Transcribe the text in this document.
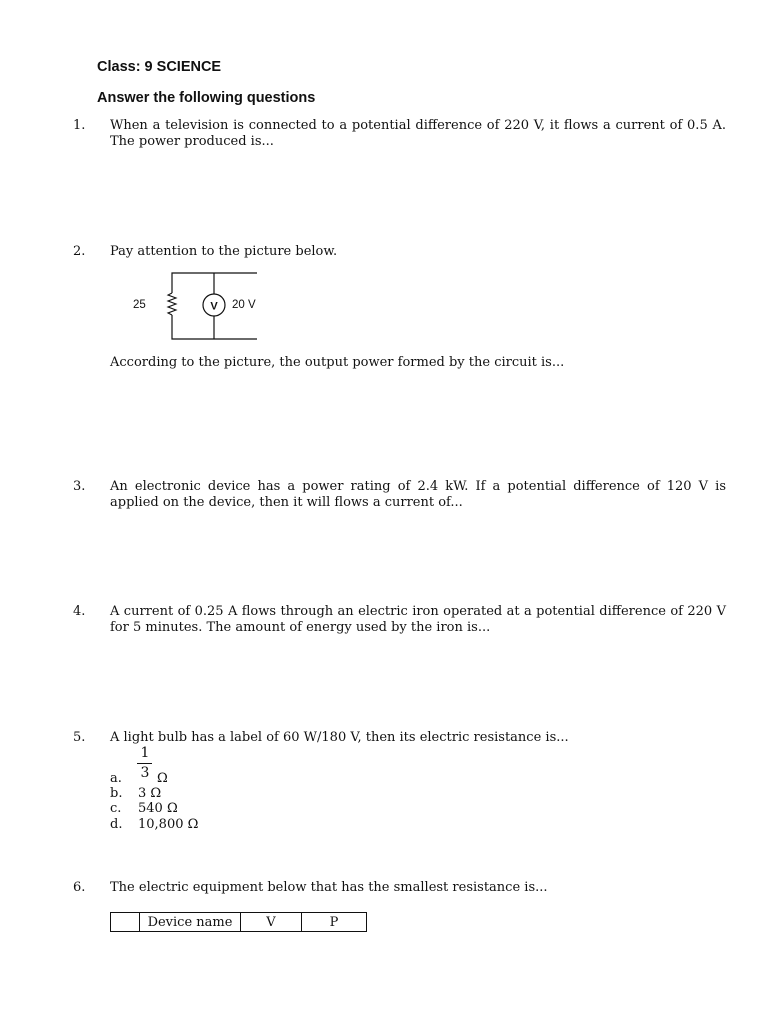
Class: 9 SCIENCE
Answer the following questions
1. When a television is connected to a potential difference of 220 V, it flows a current of 0.5 A. The power produced is...
2. Pay attention to the picture below.
V
25	20 V
According to the picture, the output power formed by the circuit is...
3. An electronic device has a power rating of 2.4 kW. If a potential difference of 120 V is applied on the device, then it will flows a current of...
4. A current of 0.25 A flows through an electric iron operated at a potential difference of 220 V for 5 minutes. The amount of energy used by the iron is...
5. A light bulb has a label of 60 W/180 V, then its electric resistance is...
a.
1
3 Ω
b. 3 Ω
c. 540 Ω
d. 10,800 Ω
6. The electric equipment below that has the smallest resistance is...
	Device name	V	P
